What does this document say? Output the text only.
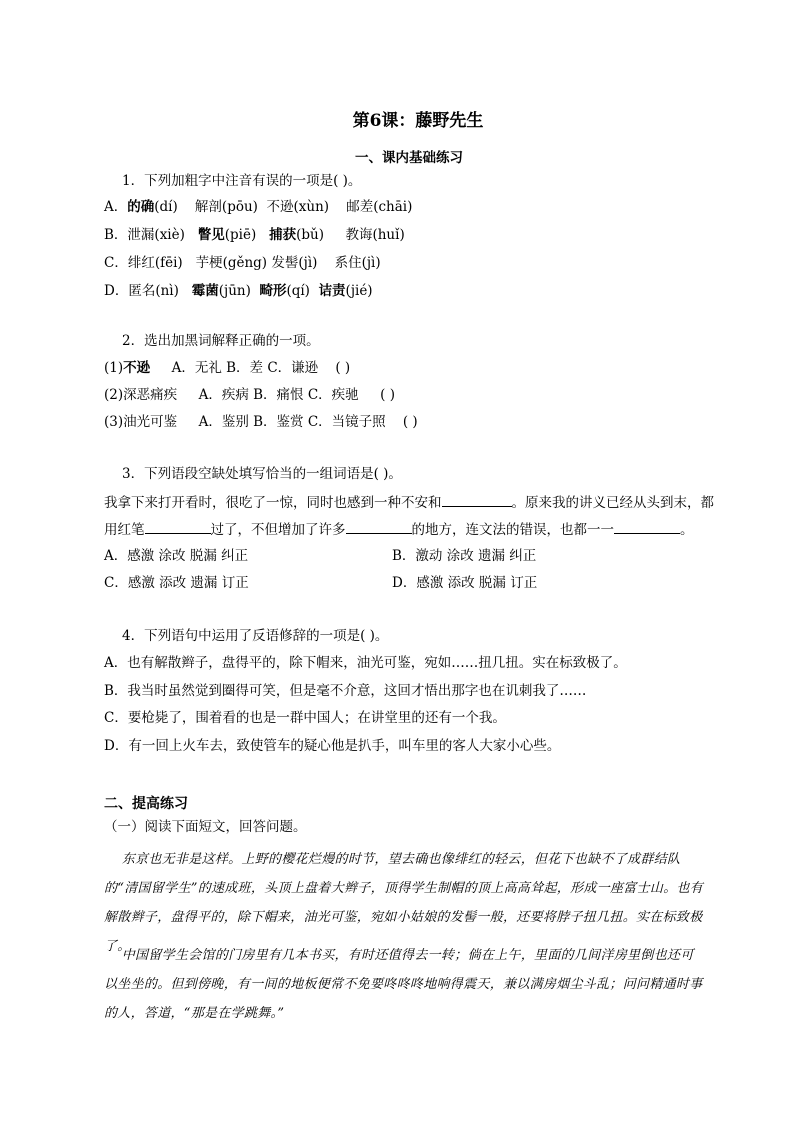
第6课：藤野先生
一、课内基础练习
1．下列加粗字中注音有误的一项是( )。
A．的确(dí) 解剖(pōu) 不逊(xùn) 邮差(chāi)
B．泄漏(xiè) 瞥见(piē) 捕获(bǔ) 教诲(huǐ)
C．绯红(fēi) 芋梗(gěng) 发髻(jì) 系住(jì)
D．匿名(nì) 霉菌(jūn) 畸形(qí) 诘责(jié)
2．选出加黑词解释正确的一项。
(1)不逊 A．无礼 B．差 C．谦逊 ( )
(2)深恶痛疾 A．疾病 B．痛恨 C．疾驰 ( )
(3)油光可鉴 A．鉴别 B．鉴赏 C．当镜子照 ( )
3．下列语段空缺处填写恰当的一组词语是( )。
我拿下来打开看时，很吃了一惊，同时也感到一种不安和	。原来我的讲义已经从头到末，都
用红笔	过了，不但增加了许多	的地方，连文法的错误，也都一一	。
A．感激 涂改 脱漏 纠正	B．激动 涂改 遗漏 纠正
C．感激 添改 遗漏 订正	D．感激 添改 脱漏 订正
4．下列语句中运用了反语修辞的一项是( )。
A．也有解散辫子，盘得平的，除下帽来，油光可鉴，宛如……扭几扭。实在标致极了。
B．我当时虽然觉到圈得可笑，但是毫不介意，这回才悟出那字也在讥刺我了……
C．要枪毙了，围着看的也是一群中国人；在讲堂里的还有一个我。
D．有一回上火车去，致使管车的疑心他是扒手，叫车里的客人大家小心些。
二、提高练习
（一）阅读下面短文，回答问题。
东京也无非是这样。上野的樱花烂熳的时节，望去确也像绯红的轻云，但花下也缺不了成群结队的“清国留学生”的速成班，头顶上盘着大辫子，顶得学生制帽的顶上高高耸起，形成一座富士山。也有解散辫子，盘得平的，除下帽来，油光可鉴，宛如小姑娘的发髻一般，还要将脖子扭几扭。实在标致极了。
中国留学生会馆的门房里有几本书买，有时还值得去一转；倘在上午，里面的几间洋房里倒也还可以坐坐的。但到傍晚，有一间的地板便常不免要咚咚咚地响得震天，兼以满房烟尘斗乱；问问精通时事的人，答道，“那是在学跳舞。”
